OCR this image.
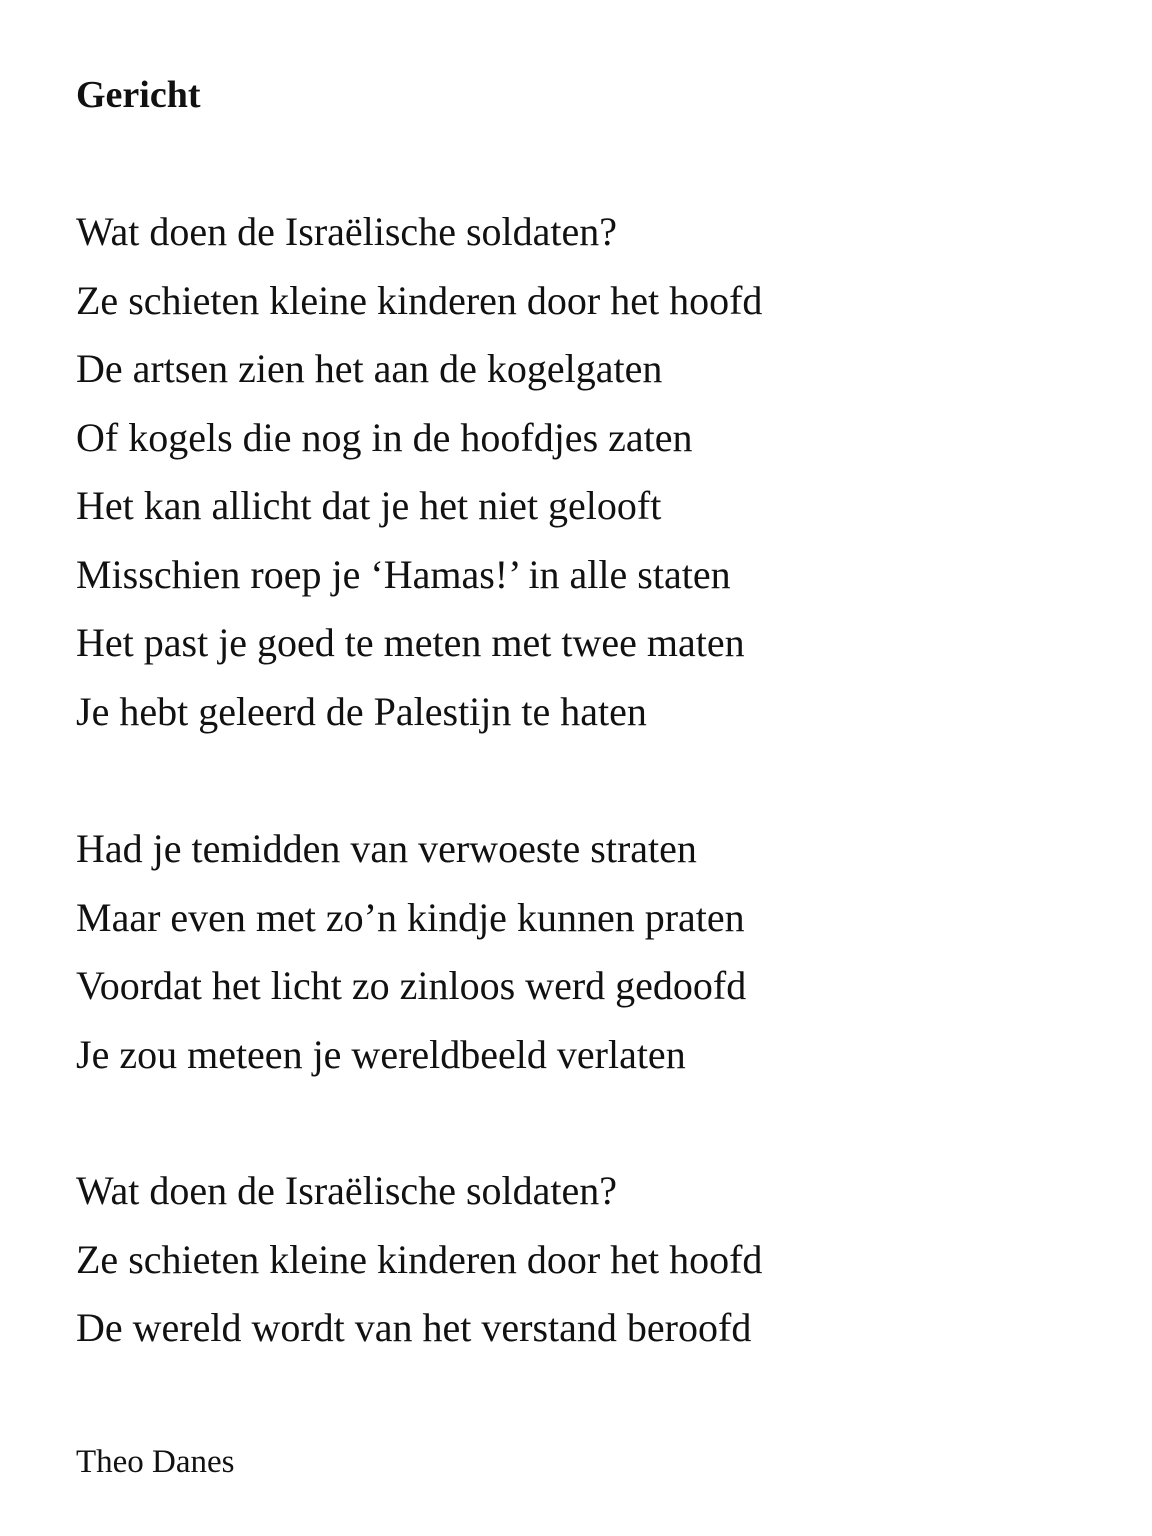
Gericht
Wat doen de Israëlische soldaten?
Ze schieten kleine kinderen door het hoofd
De artsen zien het aan de kogelgaten
Of kogels die nog in de hoofdjes zaten
Het kan allicht dat je het niet gelooft
Misschien roep je ‘Hamas!’ in alle staten
Het past je goed te meten met twee maten
Je hebt geleerd de Palestijn te haten
Had je temidden van verwoeste straten
Maar even met zo’n kindje kunnen praten
Voordat het licht zo zinloos werd gedoofd
Je zou meteen je wereldbeeld verlaten
Wat doen de Israëlische soldaten?
Ze schieten kleine kinderen door het hoofd
De wereld wordt van het verstand beroofd

Theo Danes
